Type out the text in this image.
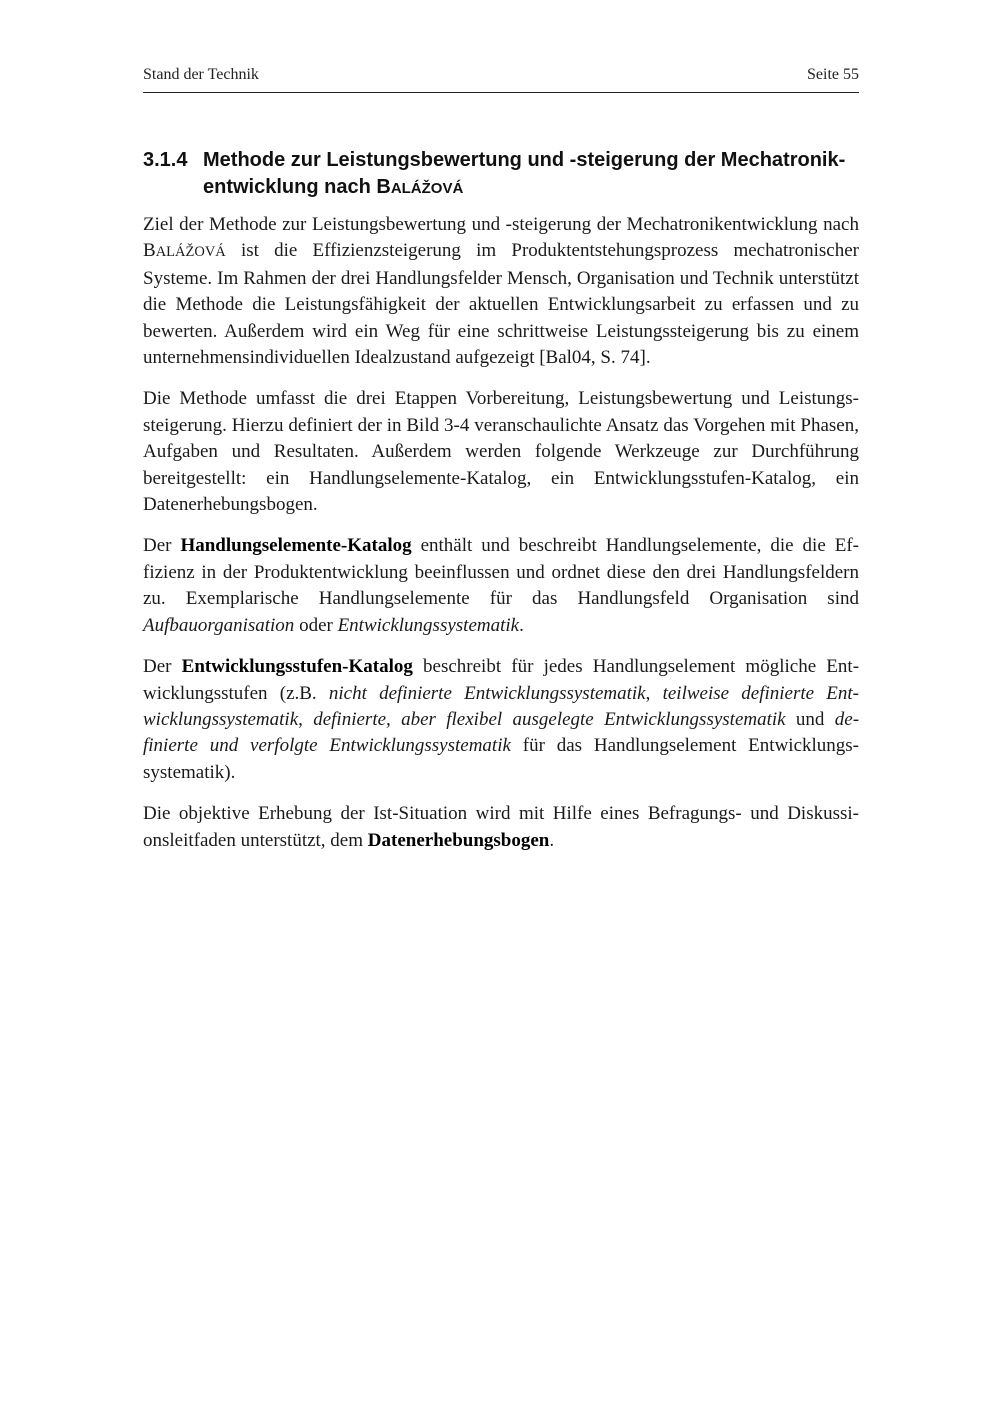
Stand der Technik	Seite 55
3.1.4 Methode zur Leistungsbewertung und -steigerung der Mechatronik-
entwicklung nach BALÁŽOVÁ

Ziel der Methode zur Leistungsbewertung und -steigerung der Mechatronikentwicklung nach BALÁŽOVÁ ist die Effizienzsteigerung im Produktentstehungsprozess mechatronischer Systeme. Im Rahmen der drei Handlungsfelder Mensch, Organisation und Technik unterstützt die Methode die Leistungsfähigkeit der aktuellen Entwicklungsarbeit zu erfassen und zu bewerten. Außerdem wird ein Weg für eine schrittweise Leistungssteigerung bis zu einem unternehmensindividuellen Idealzustand aufgezeigt [Bal04, S. 74].

Die Methode umfasst die drei Etappen Vorbereitung, Leistungsbewertung und Leistungssteigerung. Hierzu definiert der in Bild 3-4 veranschaulichte Ansatz das Vorgehen mit Phasen, Aufgaben und Resultaten. Außerdem werden folgende Werkzeuge zur Durchführung bereitgestellt: ein Handlungselemente-Katalog, ein Entwicklungsstufen-Katalog, ein Datenerhebungsbogen.

Der Handlungselemente-Katalog enthält und beschreibt Handlungselemente, die die Effizienz in der Produktentwicklung beeinflussen und ordnet diese den drei Handlungsfeldern zu. Exemplarische Handlungselemente für das Handlungsfeld Organisation sind Aufbauorganisation oder Entwicklungssystematik.

Der Entwicklungsstufen-Katalog beschreibt für jedes Handlungselement mögliche Entwicklungsstufen (z.B. nicht definierte Entwicklungssystematik, teilweise definierte Entwicklungssystematik, definierte, aber flexibel ausgelegte Entwicklungssystematik und definierte und verfolgte Entwicklungssystematik für das Handlungselement Entwicklungssystematik).

Die objektive Erhebung der Ist-Situation wird mit Hilfe eines Befragungs- und Diskussionsleitfaden unterstützt, dem Datenerhebungsbogen.
